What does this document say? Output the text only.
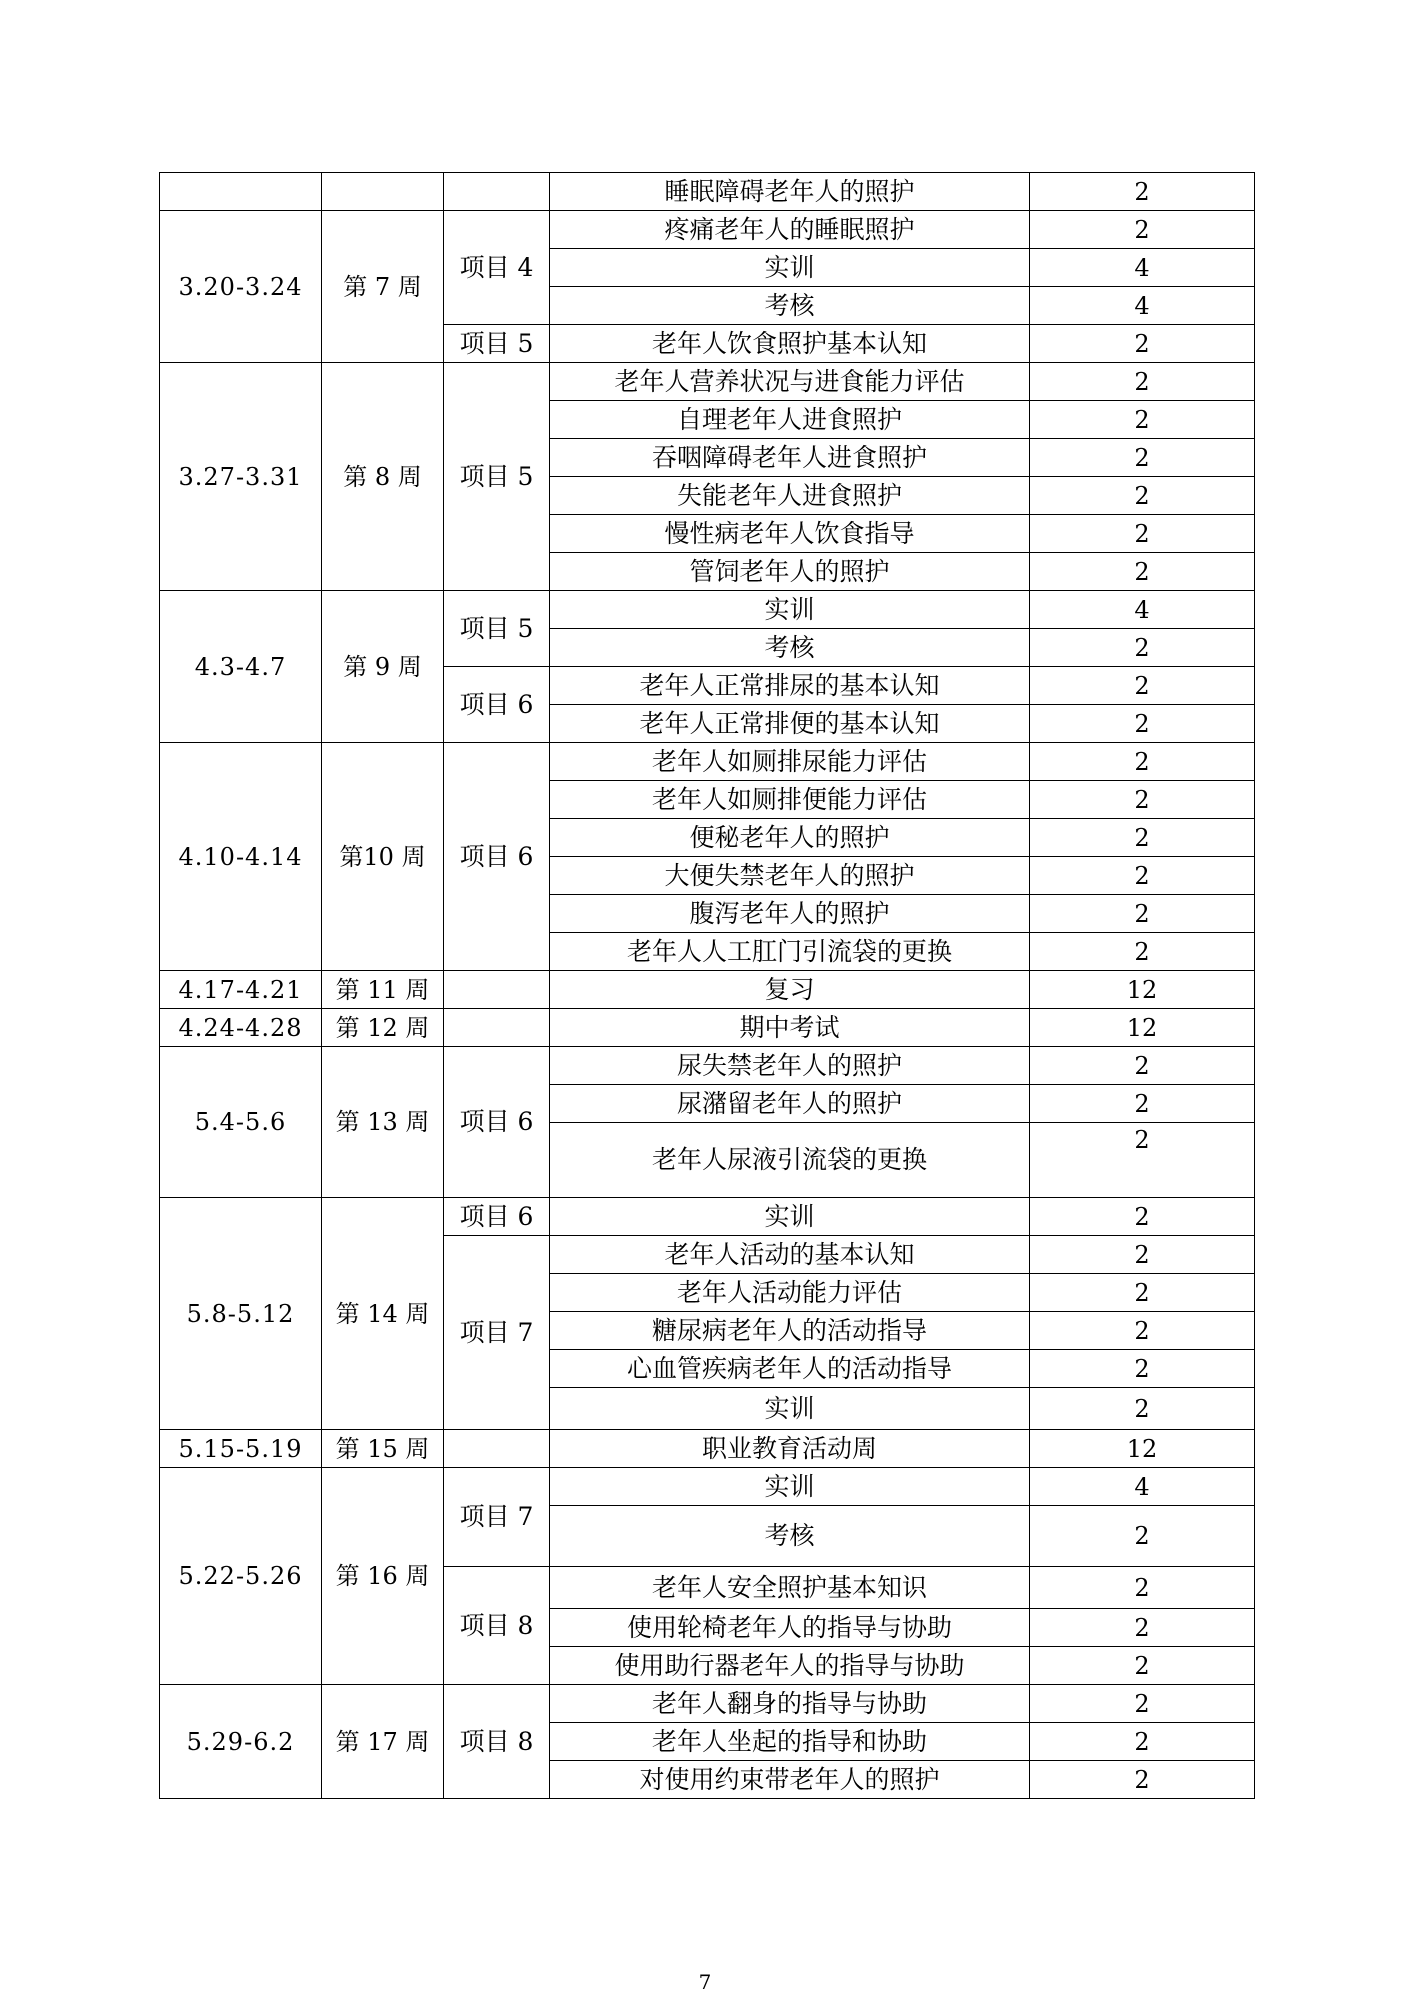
			睡眠障碍老年人的照护	2
3.20-3.24	第 7 周	项目 4	疼痛老年人的睡眠照护	2
			实训	4
			考核	4
		项目 5	老年人饮食照护基本认知	2
3.27-3.31	第 8 周	项目 5	老年人营养状况与进食能力评估	2
			自理老年人进食照护	2
			吞咽障碍老年人进食照护	2
			失能老年人进食照护	2
			慢性病老年人饮食指导	2
			管饲老年人的照护	2
4.3-4.7	第 9 周	项目 5	实训	4
			考核	2
		项目 6	老年人正常排尿的基本认知	2
			老年人正常排便的基本认知	2
4.10-4.14	第10 周	项目 6	老年人如厕排尿能力评估	2
			老年人如厕排便能力评估	2
			便秘老年人的照护	2
			大便失禁老年人的照护	2
			腹泻老年人的照护	2
			老年人人工肛门引流袋的更换	2
4.17-4.21	第 11 周		复习	12
4.24-4.28	第 12 周		期中考试	12
5.4-5.6	第 13 周	项目 6	尿失禁老年人的照护	2
			尿潴留老年人的照护	2
			老年人尿液引流袋的更换	2
5.8-5.12	第 14 周	项目 6	实训	2
		项目 7	老年人活动的基本认知	2
			老年人活动能力评估	2
			糖尿病老年人的活动指导	2
			心血管疾病老年人的活动指导	2
			实训	2
5.15-5.19	第 15 周		职业教育活动周	12
5.22-5.26	第 16 周	项目 7	实训	4
			考核	2
		项目 8	老年人安全照护基本知识	2
			使用轮椅老年人的指导与协助	2
			使用助行器老年人的指导与协助	2
5.29-6.2	第 17 周	项目 8	老年人翻身的指导与协助	2
			老年人坐起的指导和协助	2
			对使用约束带老年人的照护	2
7
